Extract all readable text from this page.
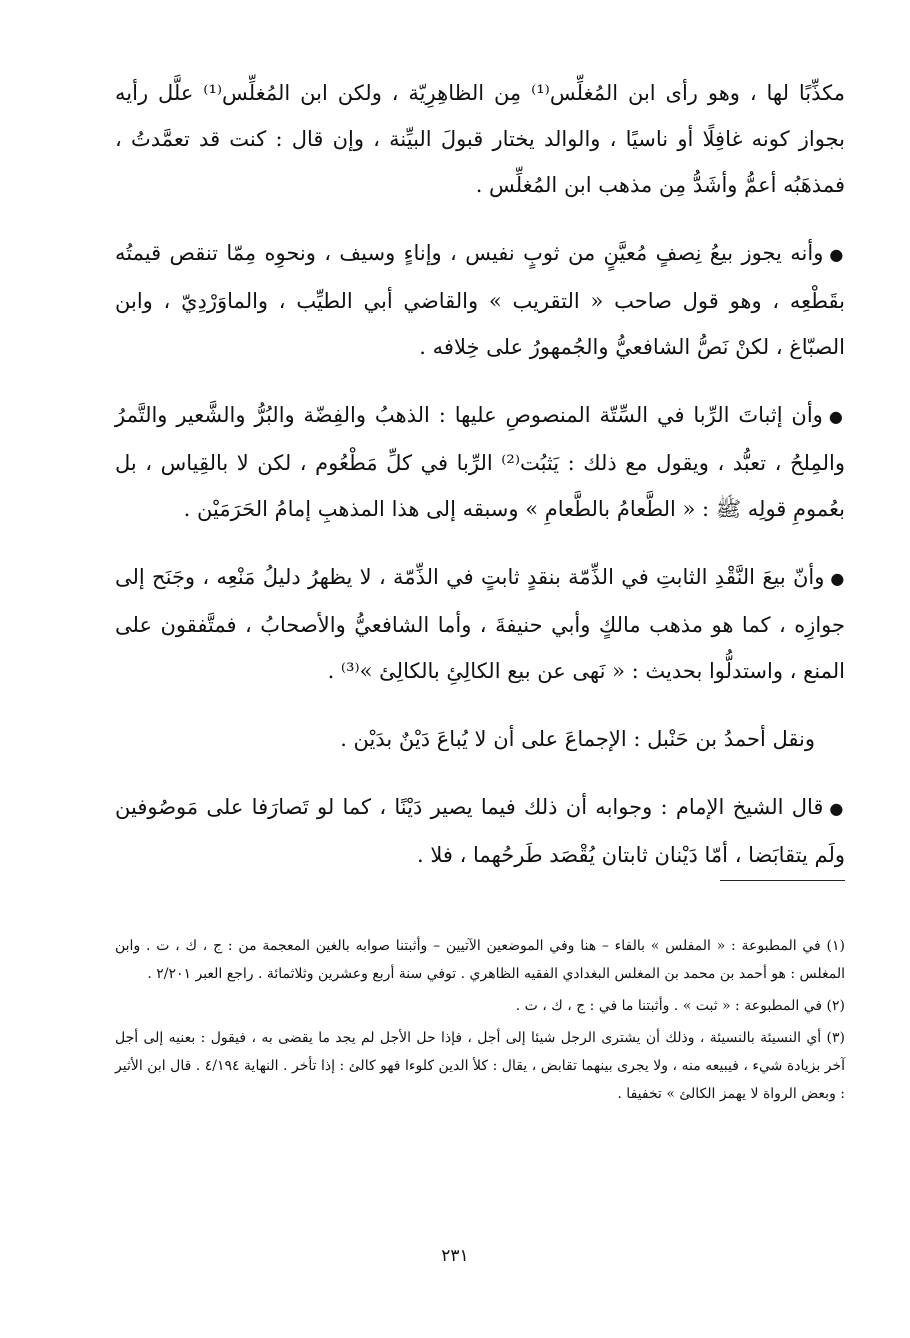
مكذِّبًا لها ، وهو رأى ابن المُغلِّس⁽¹⁾ مِن الظاهِرِيّة ، ولكن ابن المُغلِّس⁽¹⁾ علَّل رأيه بجواز كونه غافِلًا أو ناسيًا ، والوالد يختار قبولَ البيِّنة ، وإن قال : كنت قد تعمَّدتُ ، فمذهَبُه أعمُّ وأشَدُّ مِن مذهب ابن المُغلِّس .

●وأنه يجوز بيعُ نِصفٍ مُعيَّنٍ من ثوبٍ نفيس ، وإناءٍ وسيف ، ونحوِه مِمّا تنقص قيمتُه بقَطْعِه ، وهو قول صاحب « التقريب » والقاضي أبي الطيِّب ، والماوَرْدِيّ ، وابن الصبّاغ ، لكنْ نَصُّ الشافعيُّ والجُمهورُ على خِلافه .

●وأن إثباتَ الرِّبا في السِّتّة المنصوصِ عليها : الذهبُ والفِضّة والبُرُّ والشَّعير والتَّمرُ والمِلحُ ، تعبُّد ، ويقول مع ذلك : يَثبُت⁽²⁾ الرِّبا في كلِّ مَطْعُوم ، لكن لا بالقِياس ، بل بعُمومِ قولِه ﷺ : « الطَّعامُ بالطَّعامِ » وسبقه إلى هذا المذهبِ إمامُ الحَرَمَيْن .

●وأنّ بيعَ النَّقْدِ الثابتِ في الذِّمّة بنقدٍ ثابتٍ في الذِّمّة ، لا يظهرُ دليلُ مَنْعِه ، وجَنَح إلى جوازِه ، كما هو مذهب مالكٍ وأبي حنيفةَ ، وأما الشافعيُّ والأصحابُ ، فمتَّفقون على المنع ، واستدلُّوا بحديث : « نَهى عن بيع الكالِئِ بالكالِئ »⁽³⁾ .

ونقل أحمدُ بن حَنْبل : الإجماعَ على أن لا يُباعَ دَيْنٌ بدَيْن .

●قال الشيخ الإمام : وجوابه أن ذلك فيما يصير دَيْنًا ، كما لو تَصارَفا على مَوصُوفين ولَم يتقابَضا ، أمّا دَيْنان ثابتان يُقْصَد طَرحُهما ، فلا .

(١) في المطبوعة : « المفلس » بالفاء – هنا وفي الموضعين الآتيين – وأثبتنا صوابه بالغين المعجمة من : ج ، ك ، ت . وابن المغلس : هو أحمد بن محمد بن المغلس البغدادي الفقيه الظاهري . توفي سنة أربع وعشرين وثلاثمائة . راجع العبر ٢/٢٠١ .

(٢) في المطبوعة : « ثبت » . وأثبتنا ما في : ج ، ك ، ت .

(٣) أي النسيئة بالنسيئة ، وذلك أن يشترى الرجل شيئا إلى أجل ، فإذا حل الأجل لم يجد ما يقضى به ، فيقول : بعنيه إلى أجل آخر بزيادة شيء ، فيبيعه منه ، ولا يجرى بينهما تقابض ، يقال : كلأ الدين كلوءا فهو كالئ : إذا تأخر . النهاية ٤/١٩٤ . قال ابن الأثير : وبعض الرواة لا يهمز الكالئ » تخفيفا .

٢٣١
